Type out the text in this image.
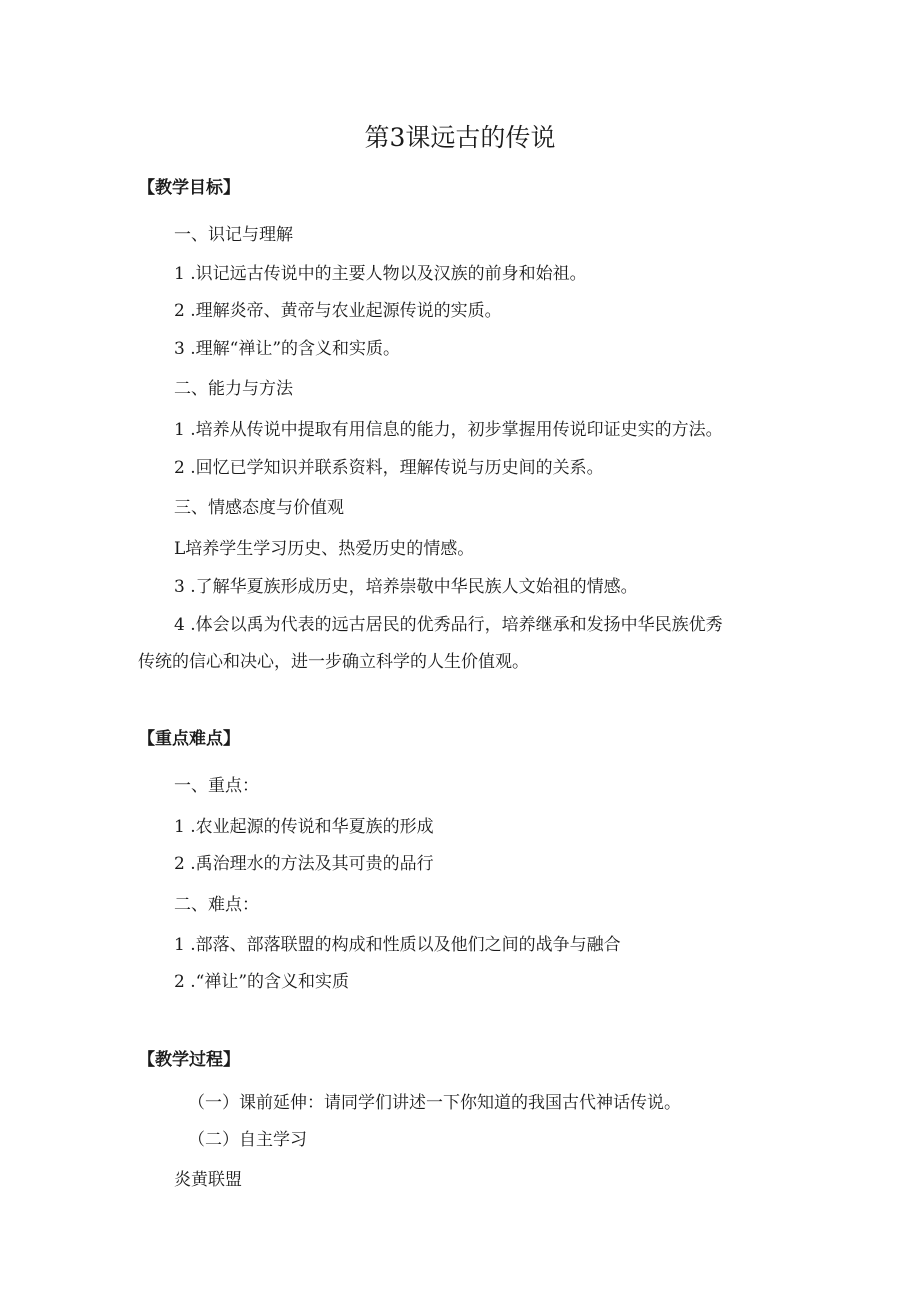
第3课远古的传说
【教学目标】
一、识记与理解
1 .识记远古传说中的主要人物以及汉族的前身和始祖。
2 .理解炎帝、黄帝与农业起源传说的实质。
3 .理解“禅让”的含义和实质。
二、能力与方法
1 .培养从传说中提取有用信息的能力，初步掌握用传说印证史实的方法。
2 .回忆已学知识并联系资料，理解传说与历史间的关系。
三、情感态度与价值观
L培养学生学习历史、热爱历史的情感。
3 .了解华夏族形成历史，培养崇敬中华民族人文始祖的情感。
4 .体会以禹为代表的远古居民的优秀品行，培养继承和发扬中华民族优秀
传统的信心和决心，进一步确立科学的人生价值观。
【重点难点】
一、重点：
1 .农业起源的传说和华夏族的形成
2 .禹治理水的方法及其可贵的品行
二、难点：
1 .部落、部落联盟的构成和性质以及他们之间的战争与融合
2 .“禅让”的含义和实质
【教学过程】
（一）课前延伸：请同学们讲述一下你知道的我国古代神话传说。
（二）自主学习
炎黄联盟
